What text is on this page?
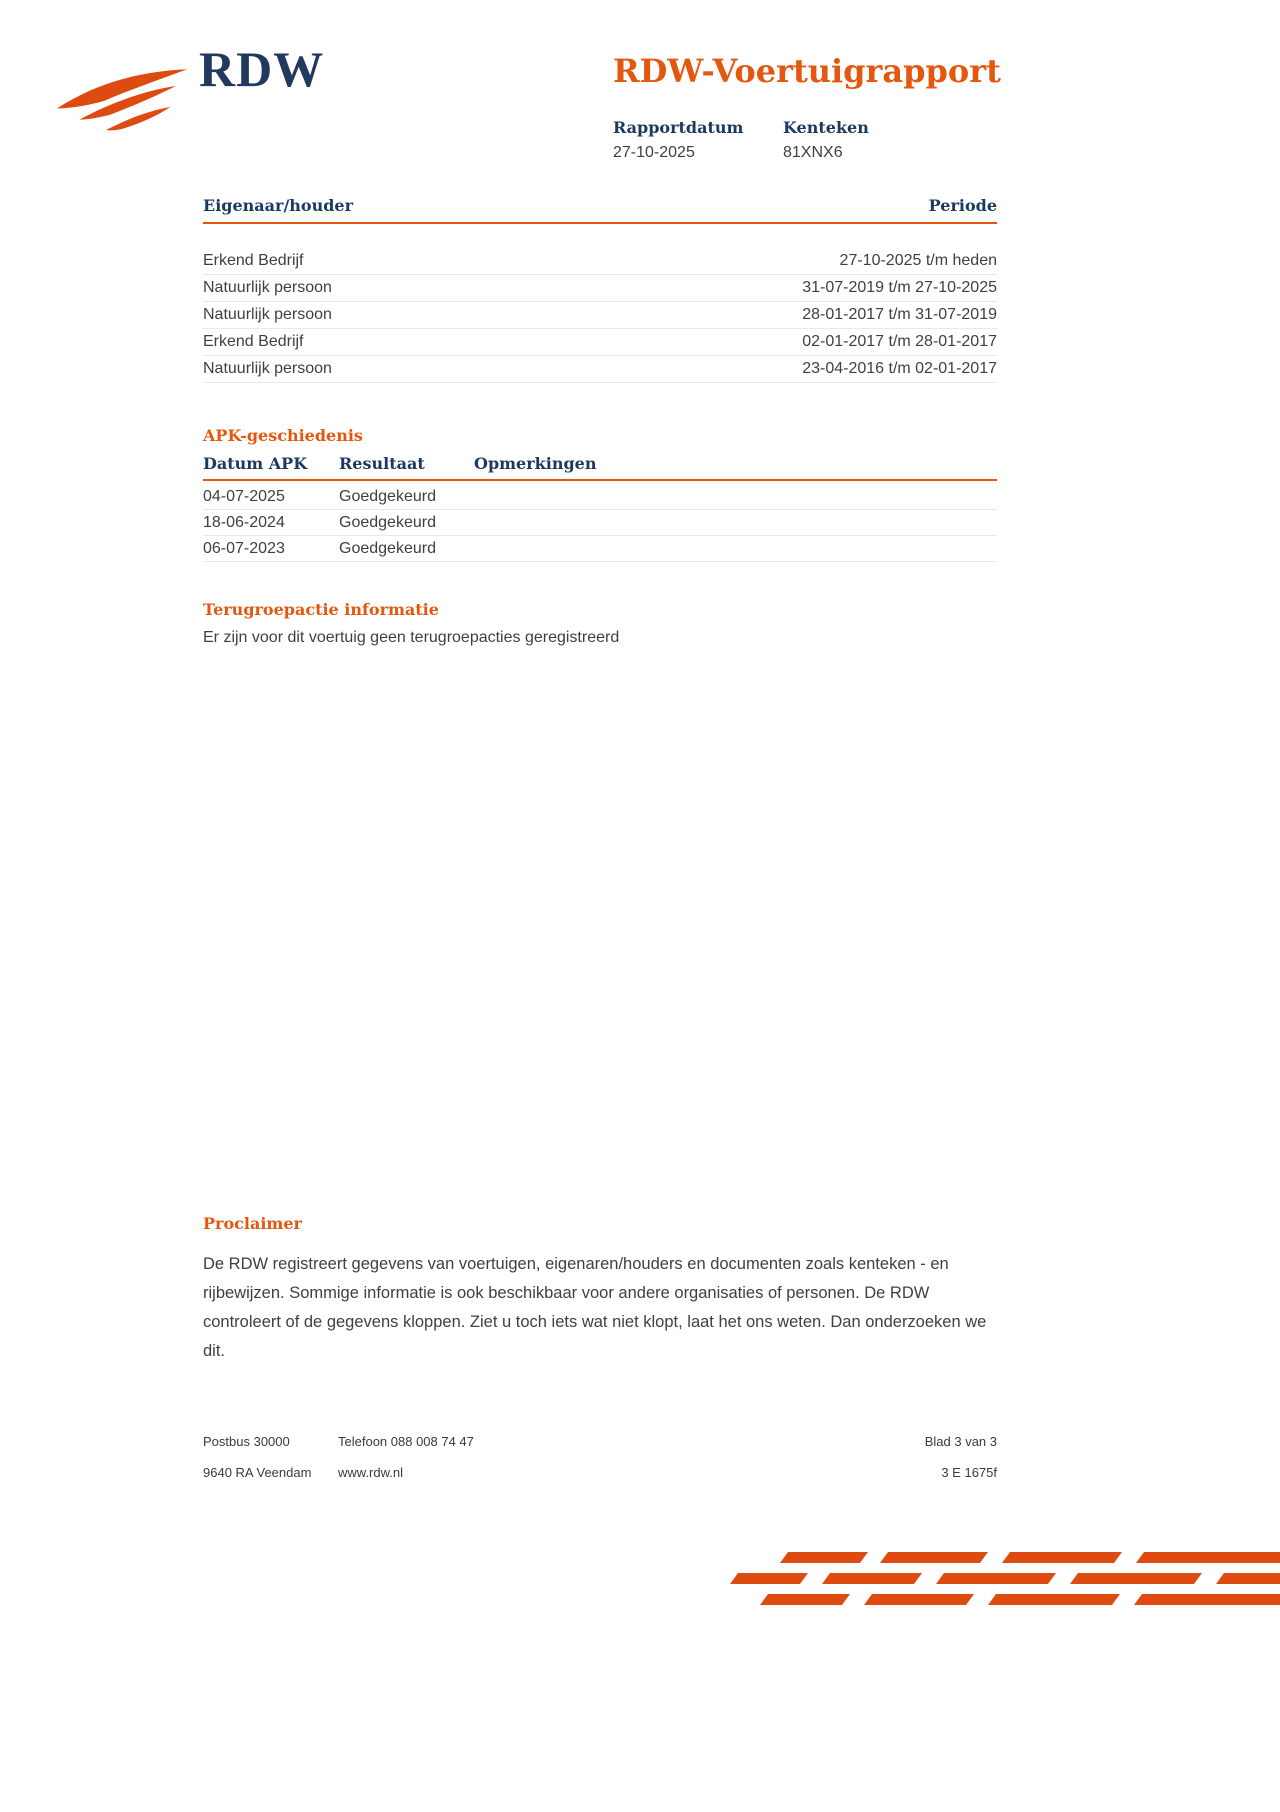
RDW	RDW-Voertuigrapport
Rapportdatum
27-10-2025
Kenteken
81XNX6
Eigenaar/houder	Periode
Erkend Bedrijf	27-10-2025 t/m heden
Natuurlijk persoon	31-07-2019 t/m 27-10-2025
Natuurlijk persoon	28-01-2017 t/m 31-07-2019
Erkend Bedrijf	02-01-2017 t/m 28-01-2017
Natuurlijk persoon	23-04-2016 t/m 02-01-2017
APK-geschiedenis
Datum APK	Resultaat	Opmerkingen
04-07-2025	Goedgekeurd
18-06-2024	Goedgekeurd
06-07-2023	Goedgekeurd
Terugroepactie informatie
Er zijn voor dit voertuig geen terugroepacties geregistreerd
Proclaimer

De RDW registreert gegevens van voertuigen, eigenaren/houders en documenten zoals kenteken - en rijbewijzen. Sommige informatie is ook beschikbaar voor andere organisaties of personen. De RDW controleert of de gegevens kloppen. Ziet u toch iets wat niet klopt, laat het ons weten. Dan onderzoeken we dit.

Postbus 30000	Telefoon 088 008 74 47	Blad 3 van 3
9640 RA Veendam	www.rdw.nl	3 E 1675f
